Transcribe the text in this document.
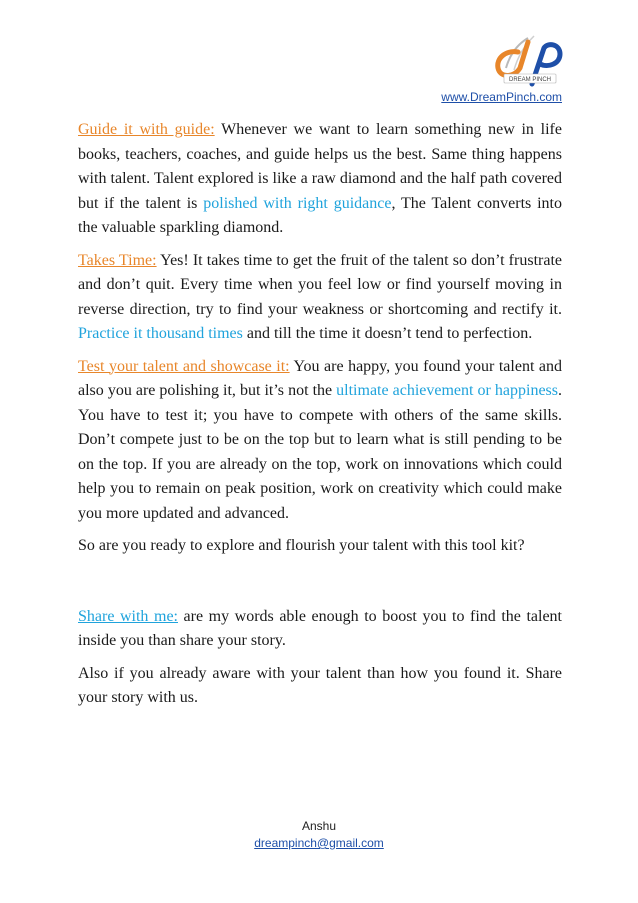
DREAM PINCH
www.DreamPinch.com

Guide it with guide: Whenever we want to learn something new in life books, teachers, coaches, and guide helps us the best. Same thing happens with talent. Talent explored is like a raw diamond and the half path covered but if the talent is polished with right guidance, The Talent converts into the valuable sparkling diamond.

Takes Time: Yes! It takes time to get the fruit of the talent so don’t frustrate and don’t quit. Every time when you feel low or find yourself moving in reverse direction, try to find your weakness or shortcoming and rectify it. Practice it thousand times and till the time it doesn’t tend to perfection.

Test your talent and showcase it: You are happy, you found your talent and also you are polishing it, but it’s not the ultimate achievement or happiness. You have to test it; you have to compete with others of the same skills. Don’t compete just to be on the top but to learn what is still pending to be on the top. If you are already on the top, work on innovations which could help you to remain on peak position, work on creativity which could make you more updated and advanced.

So are you ready to explore and flourish your talent with this tool kit?

Share with me: are my words able enough to boost you to find the talent inside you than share your story.

Also if you already aware with your talent than how you found it. Share your story with us.

Anshu
dreampinch@gmail.com
